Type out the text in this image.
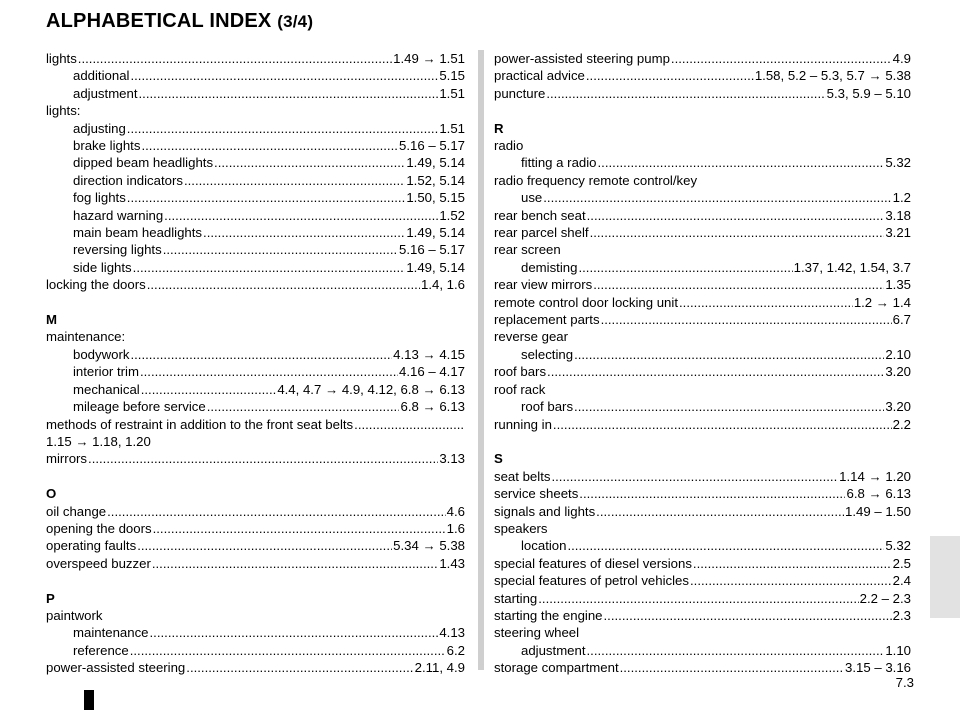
ALPHABETICAL INDEX (3/4)
lights .....	1.49 → 1.51
additional .....	5.15
adjustment .....	1.51
lights:
adjusting .....	1.51
brake lights .....	5.16 – 5.17
dipped beam headlights .....	1.49, 5.14
direction indicators .....	1.52, 5.14
fog lights .....	1.50, 5.15
hazard warning .....	1.52
main beam headlights .....	1.49, 5.14
reversing lights .....	5.16 – 5.17
side lights .....	1.49, 5.14
locking the doors .....	1.4, 1.6
M
maintenance:
bodywork .....	4.13 → 4.15
interior trim .....	4.16 – 4.17
mechanical .....	4.4, 4.7 → 4.9, 4.12, 6.8 → 6.13
mileage before service .....	6.8 → 6.13
methods of restraint in addition to the front seat belts
.....
1.15 → 1.18, 1.20
mirrors .....	3.13
O
oil change .....	4.6
opening the doors .....	1.6
operating faults .....	5.34 → 5.38
overspeed buzzer .....	1.43
P
paintwork
maintenance .....	4.13
reference .....	6.2
power-assisted steering .....	2.11, 4.9
power-assisted steering pump .....	4.9
practical advice .....	1.58, 5.2 – 5.3, 5.7 → 5.38
puncture .....	5.3, 5.9 – 5.10
R
radio
fitting a radio .....	5.32
radio frequency remote control/key
use .....	1.2
rear bench seat .....	3.18
rear parcel shelf .....	3.21
rear screen
demisting .....	1.37, 1.42, 1.54, 3.7
rear view mirrors .....	1.35
remote control door locking unit .....	1.2 → 1.4
replacement parts .....	6.7
reverse gear
selecting .....	2.10
roof bars .....	3.20
roof rack
roof bars .....	3.20
running in .....	2.2
S
seat belts .....	1.14 → 1.20
service sheets .....	6.8 → 6.13
signals and lights .....	1.49 – 1.50
speakers
location .....	5.32
special features of diesel versions .....	2.5
special features of petrol vehicles .....	2.4
starting .....	2.2 – 2.3
starting the engine .....	2.3
steering wheel
adjustment .....	1.10
storage compartment .....	3.15 – 3.16
7.3
